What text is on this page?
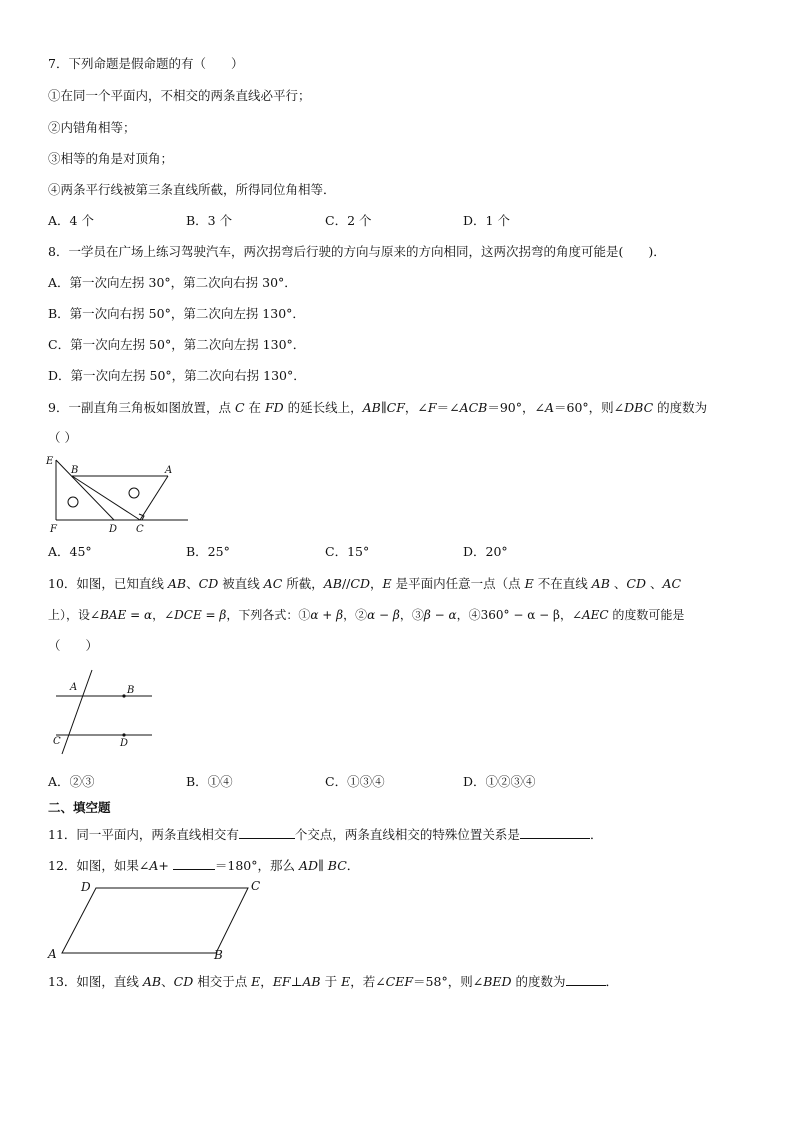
7．下列命题是假命题的有（　　）
①在同一个平面内，不相交的两条直线必平行；
②内错角相等；
③相等的角是对顶角；
④两条平行线被第三条直线所截，所得同位角相等．
A．4 个	B．3 个	C．2 个	D．1 个
8．一学员在广场上练习驾驶汽车，两次拐弯后行驶的方向与原来的方向相同，这两次拐弯的角度可能是(　　)．
A．第一次向左拐 30°，第二次向右拐 30°．
B．第一次向右拐 50°，第二次向左拐 130°．
C．第一次向左拐 50°，第二次向左拐 130°．
D．第一次向左拐 50°，第二次向右拐 130°．
9．一副直角三角板如图放置，点 C 在 FD 的延长线上，AB∥CF，∠F＝∠ACB＝90°，∠A＝60°，则∠DBC 的度数为
（ ）
E
B	A
F	D C
A．45°	B．25°	C．15°	D．20°
10．如图，已知直线 AB、CD 被直线 AC 所截，AB//CD，E 是平面内任意一点（点 E 不在直线 AB 、CD 、AC
上），设∠BAE = α，∠DCE = β，下列各式：①α + β，②α − β，③β − α，④360° − α − β，∠AEC 的度数可能是
（　　）
A	B
C	D
A．②③	B．①④	C．①③④	D．①②③④
二、填空题
11．同一平面内，两条直线相交有	个交点，两条直线相交的特殊位置关系是	．
12．如图，如果∠A+	＝180°，那么 AD∥ BC．
D	C
A	B
13．如图，直线 AB、CD 相交于点 E，EF⊥AB 于 E，若∠CEF＝58°，则∠BED 的度数为	．
